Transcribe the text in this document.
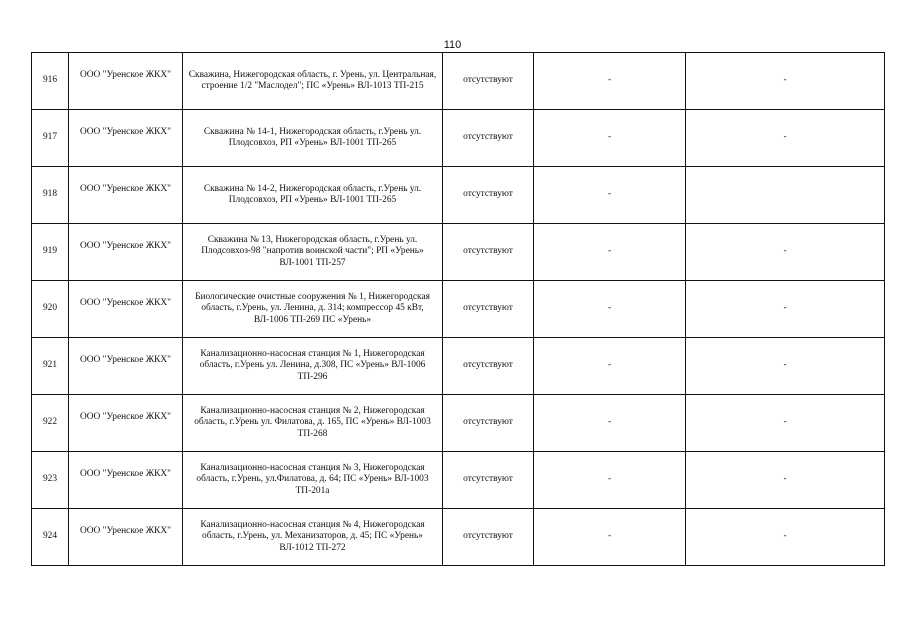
110
916	ООО "Уренское ЖКХ"	Скважина, Нижегородская область, г. Урень, ул. Центральная, строение 1/2 "Маслодел"; ПС «Урень» ВЛ-1013 ТП-215	отсутствуют	-	-
917	ООО "Уренское ЖКХ"	Скважина № 14-1, Нижегородская область, г.Урень ул. Плодсовхоз, РП «Урень» ВЛ-1001 ТП-265	отсутствуют	-	-
918	ООО "Уренское ЖКХ"	Скважина № 14-2, Нижегородская область, г.Урень ул. Плодсовхоз, РП «Урень» ВЛ-1001 ТП-265	отсутствуют	-	
919	ООО "Уренское ЖКХ"	Скважина № 13, Нижегородская область, г.Урень ул. Плодсовхоз-98 "напротив воинской части"; РП «Урень» ВЛ-1001 ТП-257	отсутствуют	-	-
920	ООО "Уренское ЖКХ"	Биологические очистные сооружения № 1, Нижегородская область, г.Урень, ул. Ленина, д. 314; компрессор 45 кВт, ВЛ-1006 ТП-269 ПС «Урень»	отсутствуют	-	-
921	ООО "Уренское ЖКХ"	Канализационно-насосная станция № 1, Нижегородская область, г.Урень ул. Ленина, д.308, ПС «Урень» ВЛ-1006 ТП-296	отсутствуют	-	-
922	ООО "Уренское ЖКХ"	Канализационно-насосная станция № 2, Нижегородская область, г.Урень ул. Филатова, д. 165, ПС «Урень» ВЛ-1003 ТП-268	отсутствуют	-	-
923	ООО "Уренское ЖКХ"	Канализационно-насосная станция № 3, Нижегородская область, г.Урень, ул.Филатова, д. 64; ПС «Урень» ВЛ-1003 ТП-201а	отсутствуют	-	-
924	ООО "Уренское ЖКХ"	Канализационно-насосная станция № 4, Нижегородская область, г.Урень, ул. Механизаторов, д. 45; ПС «Урень» ВЛ-1012 ТП-272	отсутствуют	-	-
